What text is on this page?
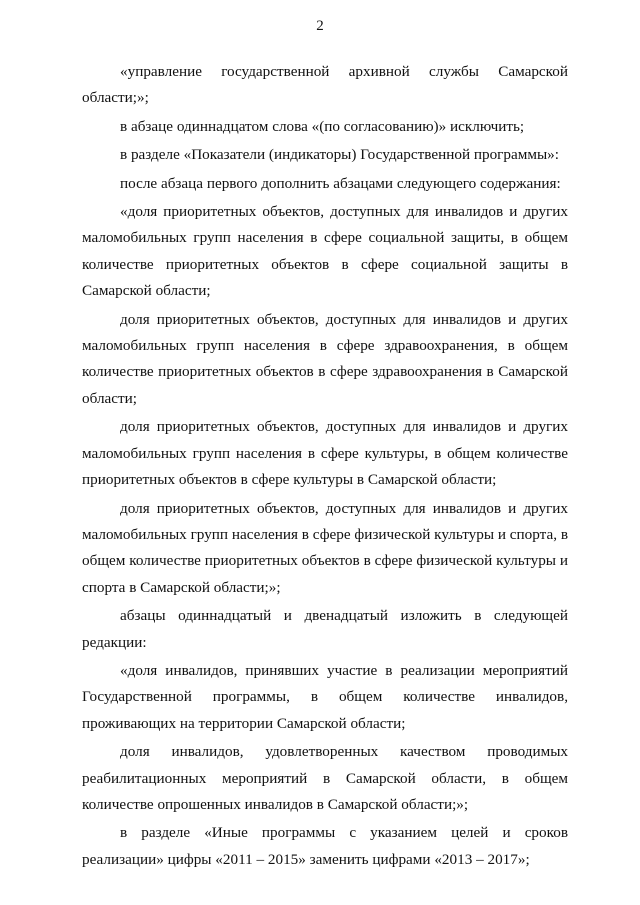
2

«управление государственной архивной службы Самарской области;»;

в абзаце одиннадцатом слова «(по согласованию)» исключить;

в разделе «Показатели (индикаторы) Государственной программы»:

после абзаца первого дополнить абзацами следующего содержания:

«доля приоритетных объектов, доступных для инвалидов и других маломобильных групп населения в сфере социальной защиты, в общем количестве приоритетных объектов в сфере социальной защиты в Самарской области;

доля приоритетных объектов, доступных для инвалидов и других маломобильных групп населения в сфере здравоохранения, в общем количестве приоритетных объектов в сфере здравоохранения в Самарской области;

доля приоритетных объектов, доступных для инвалидов и других маломобильных групп населения в сфере культуры, в общем количестве приоритетных объектов в сфере культуры в Самарской области;

доля приоритетных объектов, доступных для инвалидов и других маломобильных групп населения в сфере физической культуры и спорта, в общем количестве приоритетных объектов в сфере физической культуры и спорта в Самарской области;»;

абзацы одиннадцатый и двенадцатый изложить в следующей редакции:

«доля инвалидов, принявших участие в реализации мероприятий Государственной программы, в общем количестве инвалидов, проживающих на территории Самарской области;

доля инвалидов, удовлетворенных качеством проводимых реабилитационных мероприятий в Самарской области, в общем количестве опрошенных инвалидов в Самарской области;»;

в разделе «Иные программы с указанием целей и сроков реализации» цифры «2011 – 2015» заменить цифрами «2013 – 2017»;
